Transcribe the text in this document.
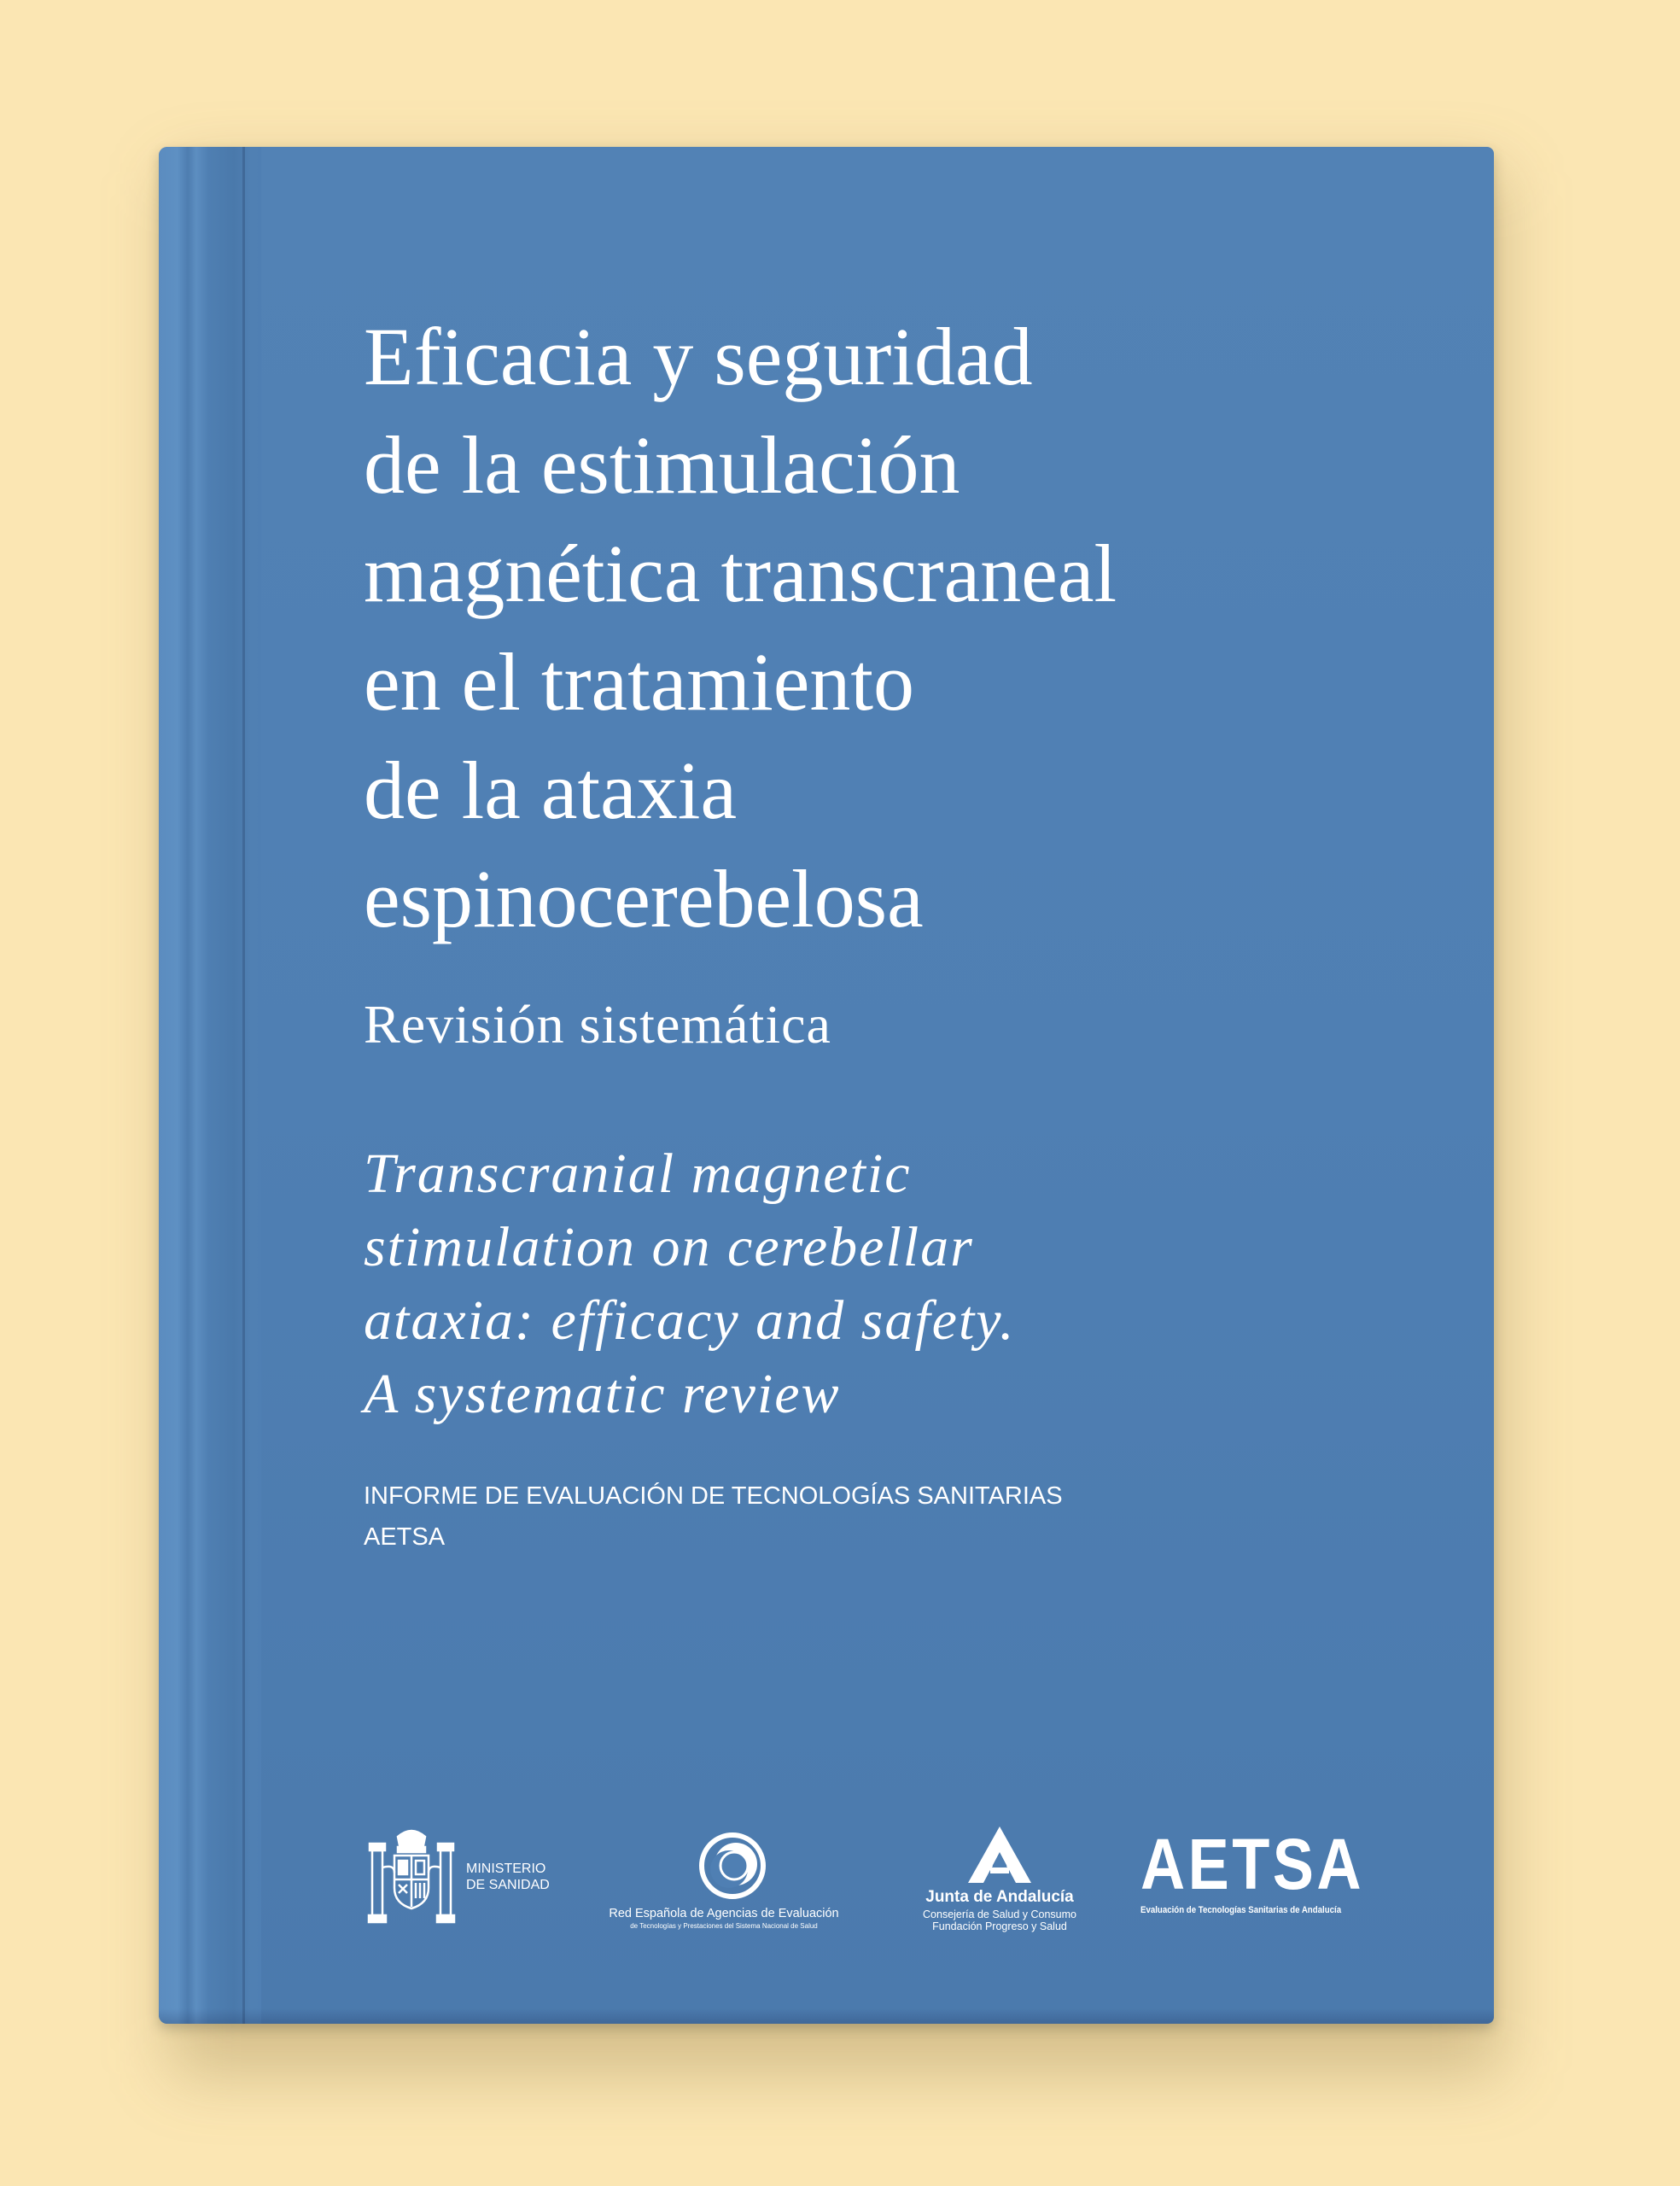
Eficacia y seguridad
de la estimulación
magnética transcraneal
en el tratamiento
de la ataxia
espinocerebelosa
Revisión sistemática
Transcranial magnetic
stimulation on cerebellar
ataxia: efficacy and safety.
A systematic review
INFORME DE EVALUACIÓN DE TECNOLOGÍAS SANITARIAS
AETSA
MINISTERIO
DE SANIDAD
Red Española de Agencias de Evaluación
de Tecnologías y Prestaciones del Sistema Nacional de Salud
Junta de Andalucía
Consejería de Salud y Consumo
Fundación Progreso y Salud
AETSA
Evaluación de Tecnologías Sanitarias de Andalucía
